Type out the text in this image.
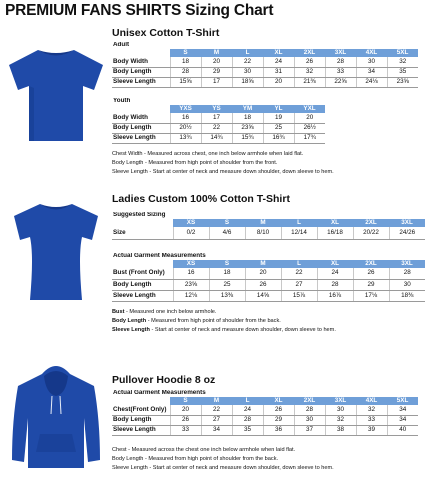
PREMIUM FANS SHIRTS Sizing Chart
Unisex Cotton T-Shirt
Adult								
	S	M	L	XL	2XL	3XL	4XL	5XL
Body Width	18	20	22	24	26	28	30	32
Body Length	28	29	30	31	32	33	34	35
Sleeve Length	15⅝	17	18⅝	20	21⅜	22⅝	24⅛	23⅝
Youth					
	YXS	YS	YM	YL	YXL
Body Width	16	17	18	19	20
Body Length	20½	22	23⅝	25	26½
Sleeve Length	13¾	14¾	15¾	16¾	17¾
Chest Width - Measured across chest, one inch below armhole when laid flat.
Body Length - Measured from high point of shoulder from the front.
Sleeve Length - Start at center of neck and measure down shoulder, down sleeve to hem.
Ladies Custom 100% Cotton T-Shirt
Suggested Sizing							
	XS	S	M	L	XL	2XL	3XL
Size	0/2	4/6	8/10	12/14	16/18	20/22	24/26
Actual Garment Measurements							
	XS	S	M	L	XL	2XL	3XL
Bust (Front Only)	16	18	20	22	24	26	28
Body Length	23⅝	25	26	27	28	29	30
Sleeve Length	12⅛	13⅜	14⅝	15⅞	16⅞	17⅛	18⅜
Bust - Measured one inch below armhole.
Body Length - Measured from high point of shoulder from the back.
Sleeve Length - Start at center of neck and measure down shoulder, down sleeve to hem.
Pullover Hoodie 8 oz
Actual Garment Measurements								
	S	M	L	XL	2XL	3XL	4XL	5XL
Chest(Front Only)	20	22	24	26	28	30	32	34
Body Length	26	27	28	29	30	32	33	34
Sleeve Length	33	34	35	36	37	38	39	40
Chest - Measured across the chest one inch below armhole when laid flat.
Body Length - Measured from high point of shoulder from the back.
Sleeve Length - Start at center of neck and measure down shoulder, down sleeve to hem.
